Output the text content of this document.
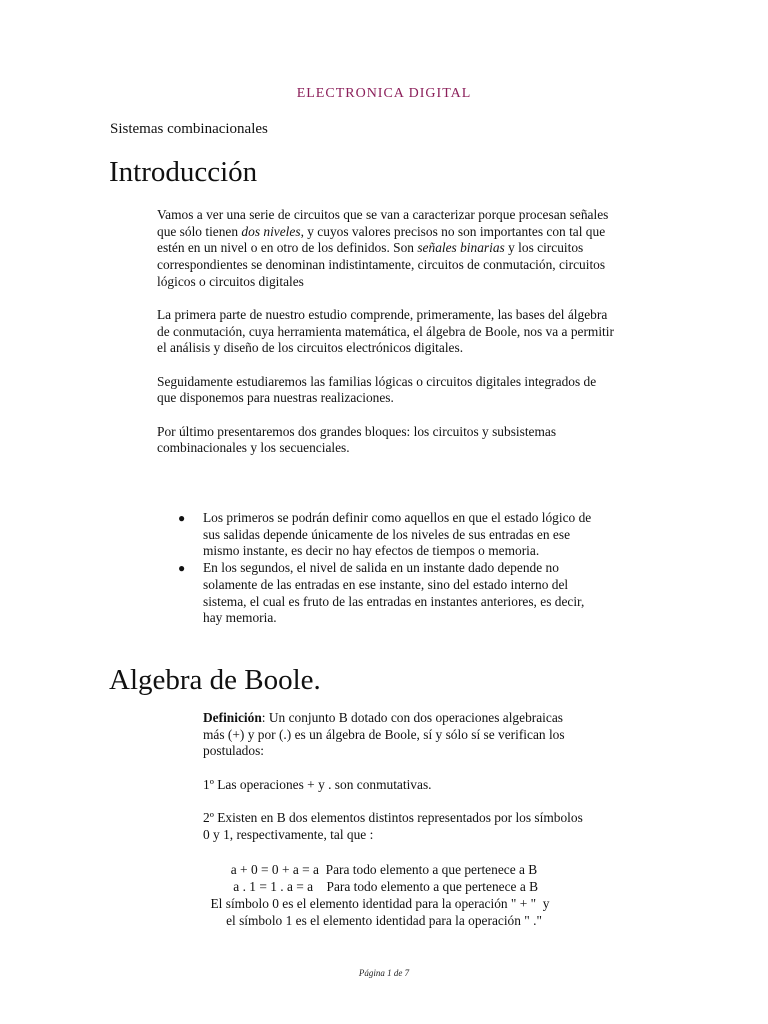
ELECTRONICA DIGITAL
Sistemas combinacionales
Introducción

Vamos a ver una serie de circuitos que se van a caracterizar porque procesan señales que sólo tienen dos niveles, y cuyos valores precisos no son importantes con tal que estén en un nivel o en otro de los definidos. Son señales binarias y los circuitos correspondientes se denominan indistintamente, circuitos de conmutación, circuitos lógicos o circuitos digitales

La primera parte de nuestro estudio comprende, primeramente, las bases del álgebra de conmutación, cuya herramienta matemática, el álgebra de Boole, nos va a permitir el análisis y diseño de los circuitos electrónicos digitales.

Seguidamente estudiaremos las familias lógicas o circuitos digitales integrados de que disponemos para nuestras realizaciones.

Por último presentaremos dos grandes bloques: los circuitos y subsistemas combinacionales y los secuenciales.

● Los primeros se podrán definir como aquellos en que el estado lógico de sus salidas depende únicamente de los niveles de sus entradas en ese mismo instante, es decir no hay efectos de tiempos o memoria.
● En los segundos, el nivel de salida en un instante dado depende no solamente de las entradas en ese instante, sino del estado interno del sistema, el cual es fruto de las entradas en instantes anteriores, es decir, hay memoria.
Algebra de Boole.

Definición: Un conjunto B dotado con dos operaciones algebraicas más (+) y por (.) es un álgebra de Boole, sí y sólo sí se verifican los postulados:

1º Las operaciones + y . son conmutativas.

2º Existen en B dos elementos distintos representados por los símbolos 0 y 1, respectivamente, tal que :

a + 0 = 0 + a = a  Para todo elemento a que pertenece a B
a . 1 = 1 . a = a    Para todo elemento a que pertenece a B
El símbolo 0 es el elemento identidad para la operación " + "  y
el símbolo 1 es el elemento identidad para la operación " ."
Página 1 de 7
